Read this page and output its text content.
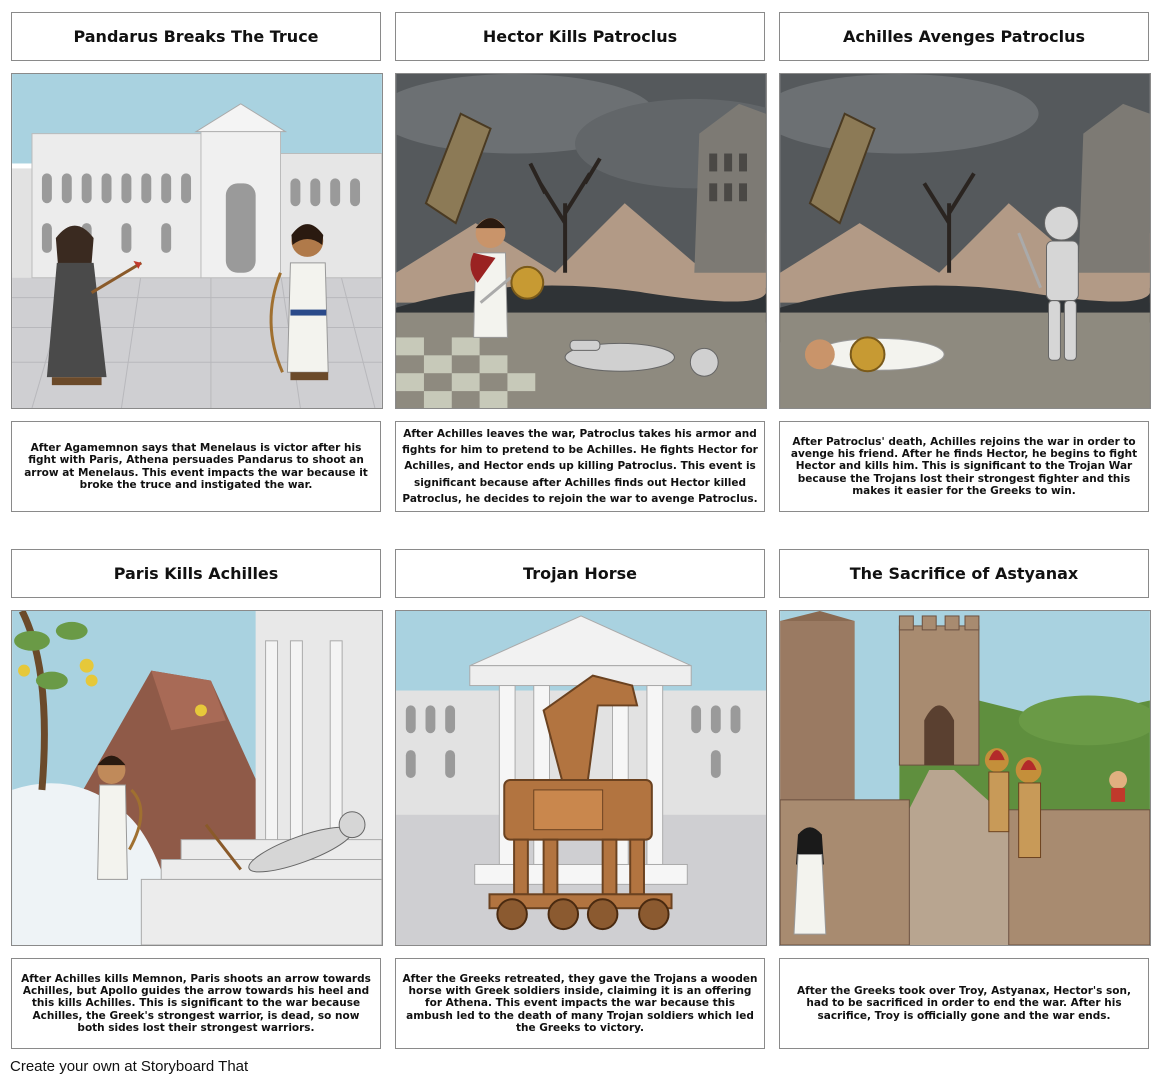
Pandarus Breaks The Truce	Hector Kills Patroclus	Achilles Avenges Patroclus
After Agamemnon says that Menelaus is victor after his fight with Paris, Athena persuades Pandarus to shoot an arrow at Menelaus. This event impacts the war because it broke the truce and instigated the war.
After Achilles leaves the war, Patroclus takes his armor and fights for him to pretend to be Achilles. He fights Hector for Achilles, and Hector ends up killing Patroclus. This event is significant because after Achilles finds out Hector killed Patroclus, he decides to rejoin the war to avenge Patroclus.
After Patroclus' death, Achilles rejoins the war in order to avenge his friend. After he finds Hector, he begins to fight Hector and kills him. This is significant to the Trojan War because the Trojans lost their strongest fighter and this makes it easier for the Greeks to win.
Paris Kills Achilles	Trojan Horse	The Sacrifice of Astyanax
After Achilles kills Memnon, Paris shoots an arrow towards Achilles, but Apollo guides the arrow towards his heel and this kills Achilles. This is significant to the war because Achilles, the Greek's strongest warrior, is dead, so now both sides lost their strongest warriors.
After the Greeks retreated, they gave the Trojans a wooden horse with Greek soldiers inside, claiming it is an offering for Athena. This event impacts the war because this ambush led to the death of many Trojan soldiers which led the Greeks to victory.
After the Greeks took over Troy, Astyanax, Hector's son, had to be sacrificed in order to end the war. After his sacrifice, Troy is officially gone and the war ends.
Create your own at Storyboard That
